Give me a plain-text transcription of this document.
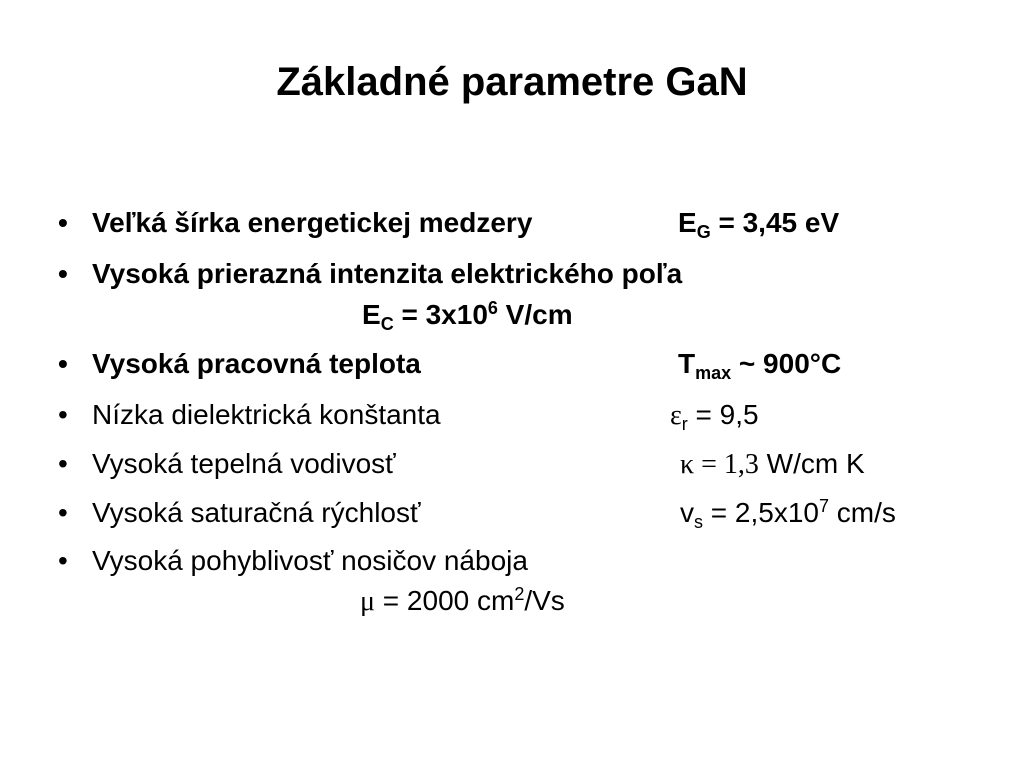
Základné parametre GaN
• Veľká šírka energetickej medzery	$E_G = 3,45$ eV
• Vysoká prierazná intenzita elektrického poľa
$E_C = 3x10^6$ V/cm
• Vysoká pracovná teplota	$T_{max}$ ~ 900°C
• Nízka dielektrická konštanta	$\varepsilon_r = 9,5$
• Vysoká tepelná vodivosť	κ = 1,3 W/cm K
• Vysoká saturačná rýchlosť	$v_s = 2,5x10^7$ cm/s
• Vysoká pohyblivosť nosičov náboja
μ = 2000 $cm^2/Vs$
